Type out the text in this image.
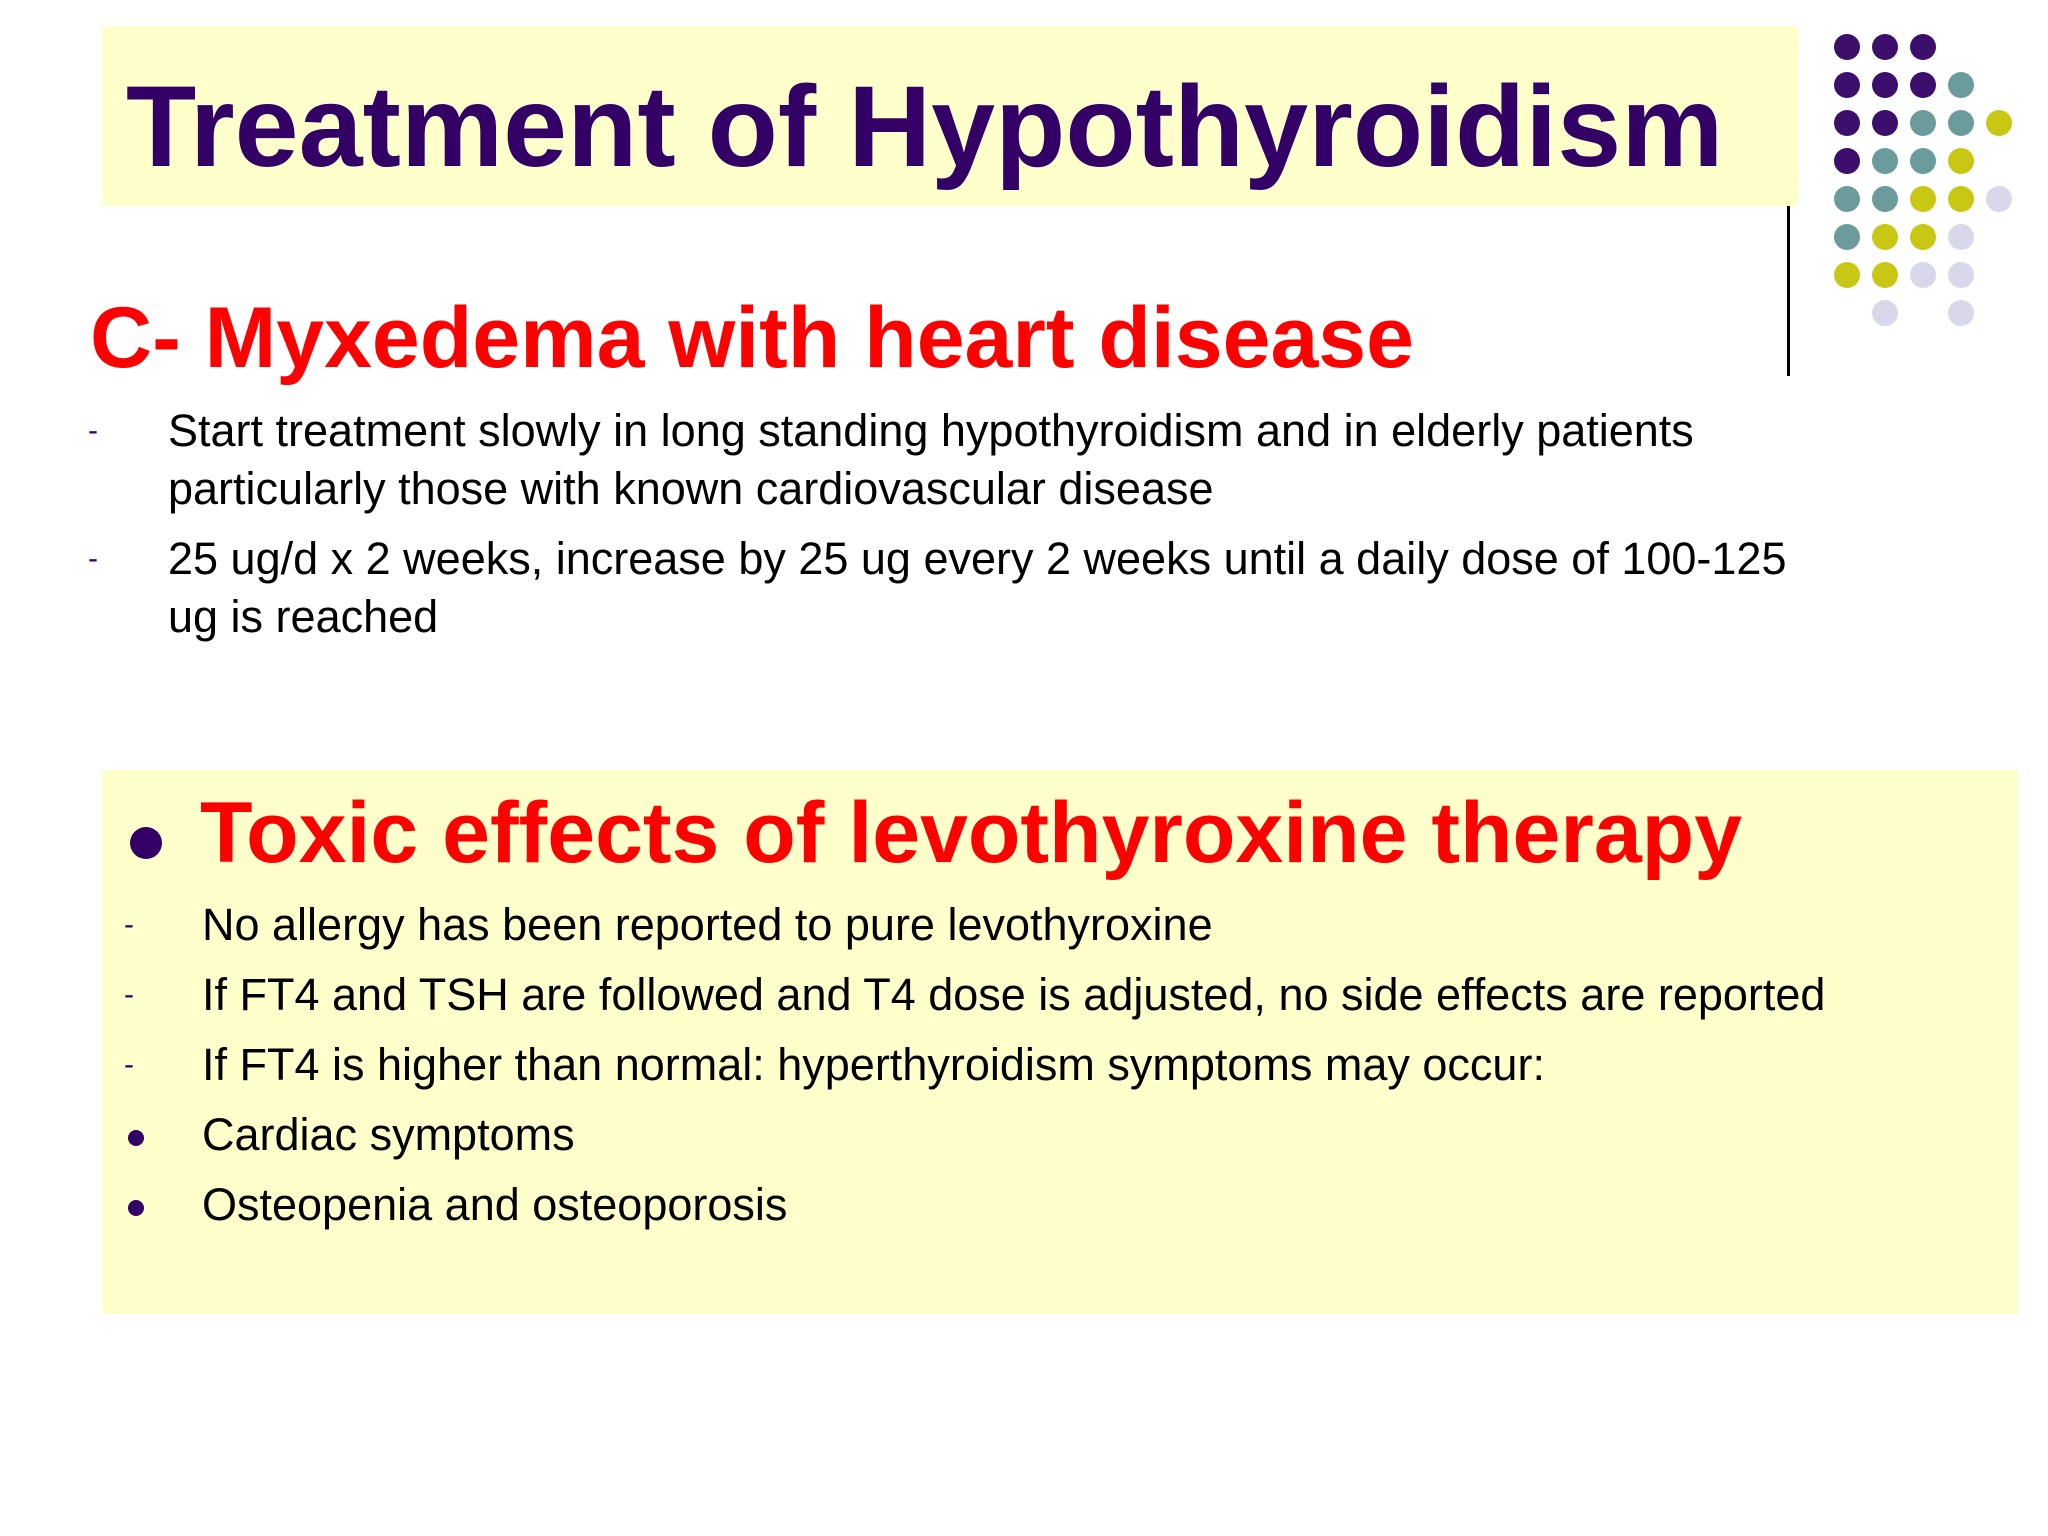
Treatment of Hypothyroidism
C- Myxedema with heart disease
- Start treatment slowly in long standing hypothyroidism and in elderly patients particularly those with known cardiovascular disease
- 25 ug/d x 2 weeks, increase by 25 ug every 2 weeks until a daily dose of 100-125 ug is reached
Toxic effects of levothyroxine therapy
- No allergy has been reported to pure levothyroxine
- If FT4 and TSH are followed and T4 dose is adjusted, no side effects are reported
- If FT4 is higher than normal: hyperthyroidism symptoms may occur:
Cardiac symptoms
Osteopenia and osteoporosis
